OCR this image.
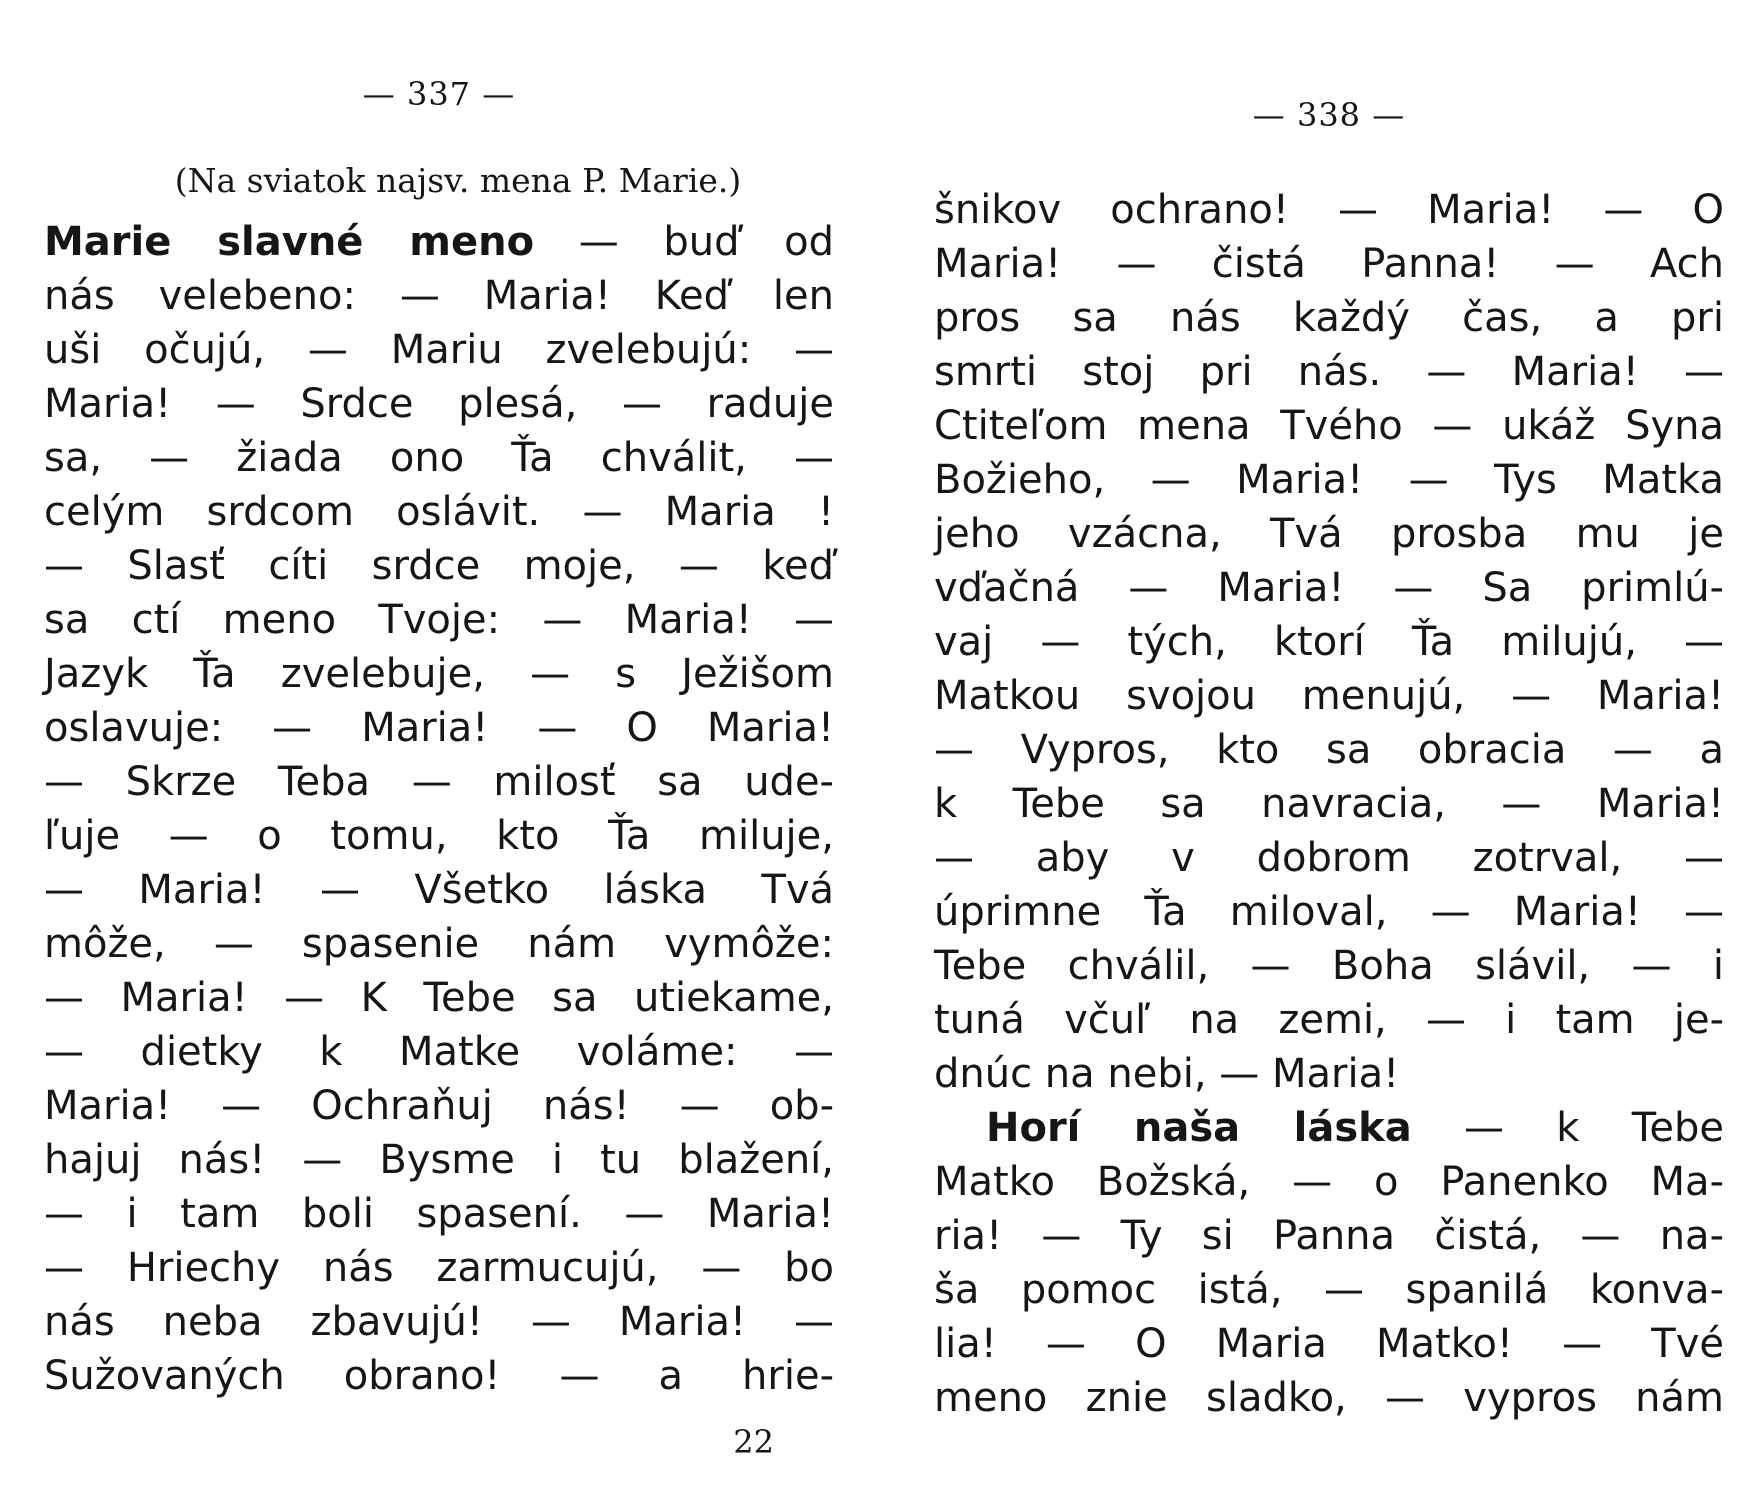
— 337 —
(Na sviatok najsv. mena P. Marie.)
Marie slavné meno — buď od
nás velebeno: — Maria! Keď len
uši očujú, — Mariu zvelebujú: —
Maria! — Srdce plesá, — raduje
sa, — žiada ono Ťa chválit, —
celým srdcom oslávit. — Maria !
— Slasť cíti srdce moje, — keď
sa ctí meno Tvoje: — Maria! —
Jazyk Ťa zvelebuje, — s Ježišom
oslavuje: — Maria! — O Maria!
— Skrze Teba — milosť sa ude-
ľuje — o tomu, kto Ťa miluje,
— Maria! — Všetko láska Tvá
môže, — spasenie nám vymôže:
— Maria! — K Tebe sa utiekame,
— dietky k Matke voláme: —
Maria! — Ochraňuj nás! — ob-
hajuj nás! — Bysme i tu blažení,
— i tam boli spasení. — Maria!
— Hriechy nás zarmucujú, — bo
nás neba zbavujú! — Maria! —
Sužovaných obrano! — a hrie-
22
— 338 —
šnikov ochrano! — Maria! — O
Maria! — čistá Panna! — Ach
pros sa nás každý čas, a pri
smrti stoj pri nás. — Maria! —
Ctiteľom mena Tvého — ukáž Syna
Božieho, — Maria! — Tys Matka
jeho vzácna, Tvá prosba mu je
vďačná — Maria! — Sa primlú-
vaj — tých, ktorí Ťa milujú, —
Matkou svojou menujú, — Maria!
— Vypros, kto sa obracia — a
k Tebe sa navracia, — Maria!
— aby v dobrom zotrval, —
úprimne Ťa miloval, — Maria! —
Tebe chválil, — Boha slávil, — i
tuná včuľ na zemi, — i tam je-
dnúc na nebi, — Maria!
Horí naša láska — k Tebe
Matko Božská, — o Panenko Ma-
ria! — Ty si Panna čistá, — na-
ša pomoc istá, — spanilá konva-
lia! — O Maria Matko! — Tvé
meno znie sladko, — vypros nám
